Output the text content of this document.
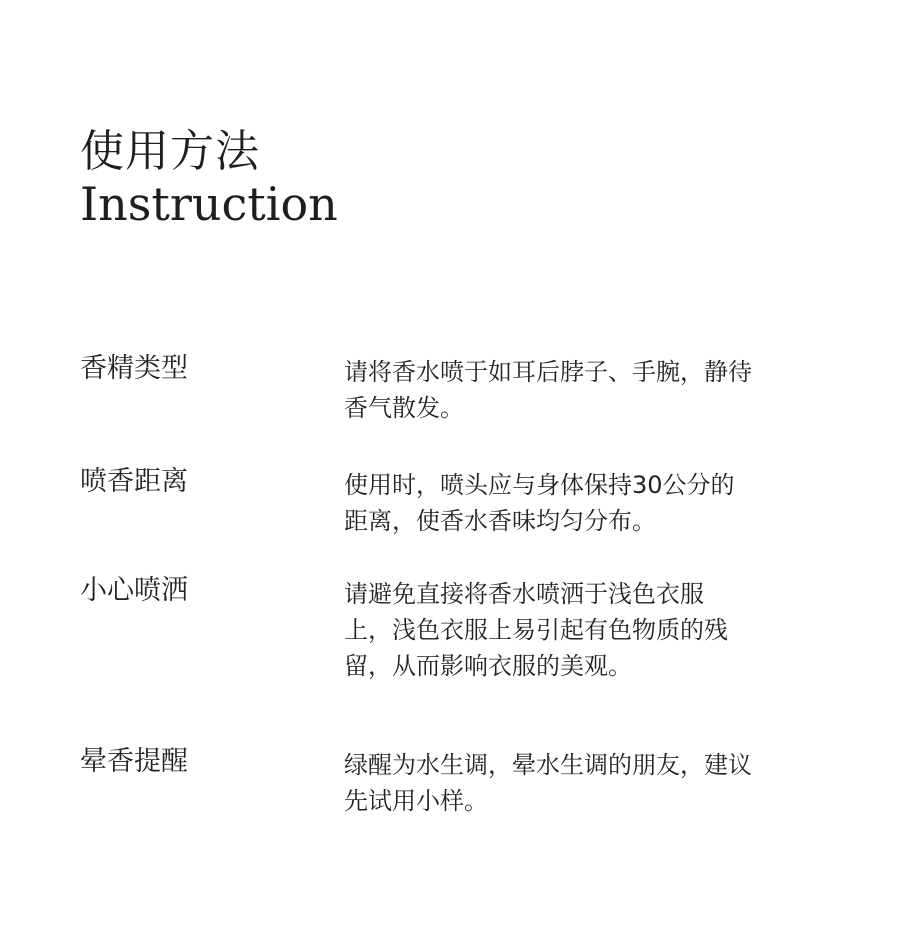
使用方法
Instruction
香精类型	请将香水喷于如耳后脖子、手腕，静待
香气散发。
喷香距离	使用时，喷头应与身体保持30公分的
距离，使香水香味均匀分布。
小心喷洒	请避免直接将香水喷洒于浅色衣服
上，浅色衣服上易引起有色物质的残
留，从而影响衣服的美观。
晕香提醒	绿醒为水生调，晕水生调的朋友，建议
先试用小样。
